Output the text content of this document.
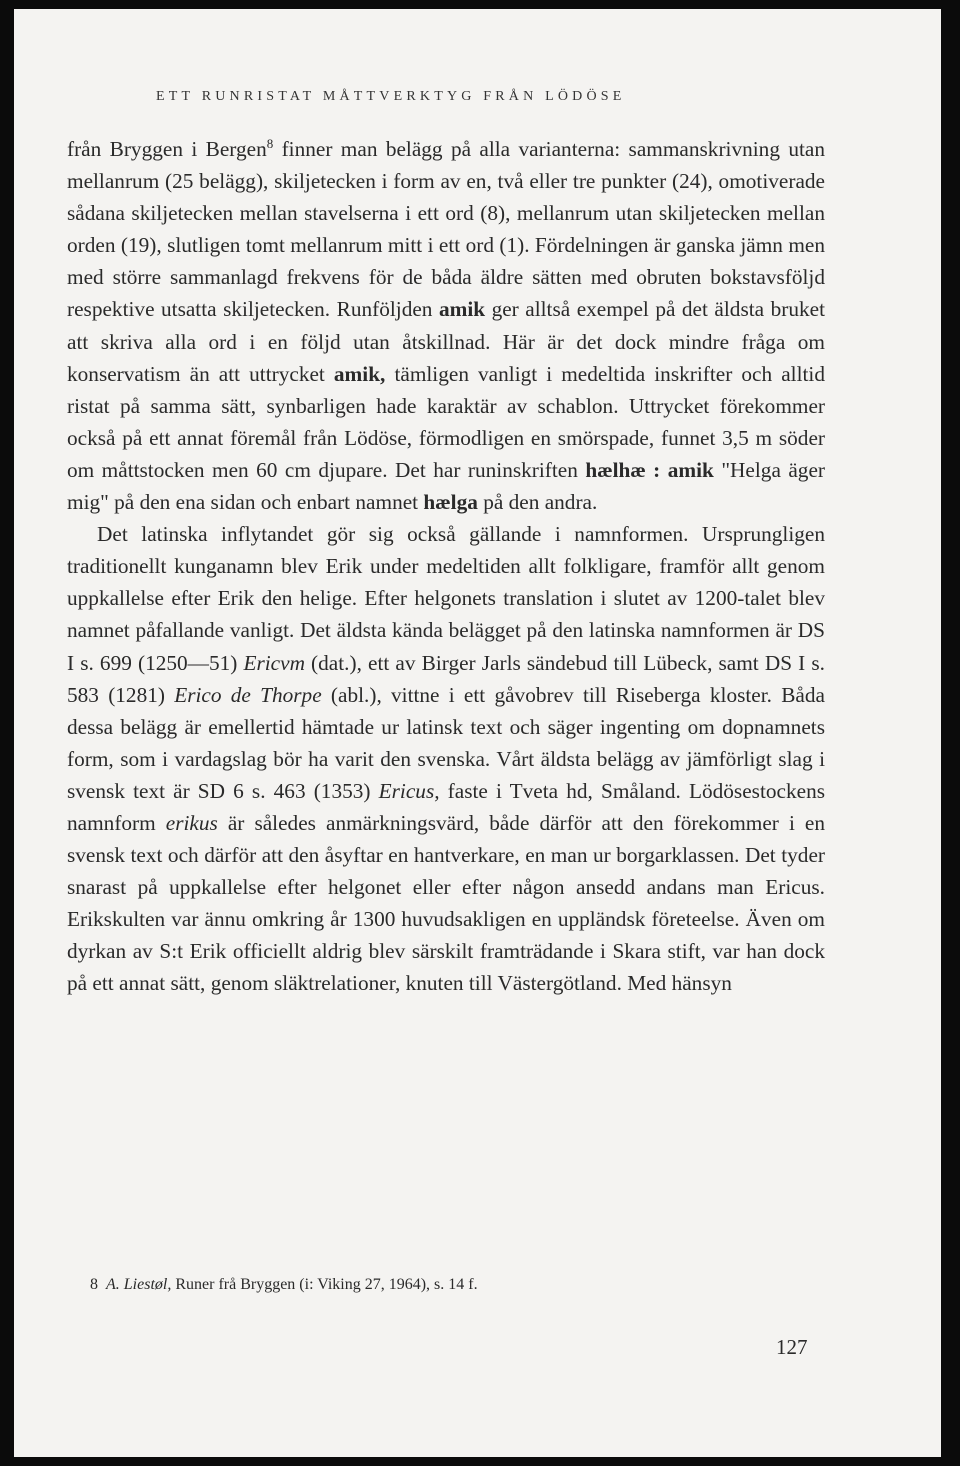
ETT RUNRISTAT MÅTTVERKTYG FRÅN LÖDÖSE

från Bryggen i Bergen$^8$ finner man belägg på alla varianterna: sammanskrivning utan mellanrum (25 belägg), skiljetecken i form av en, två eller tre punkter (24), omotiverade sådana skiljetecken mellan stavelserna i ett ord (8), mellanrum utan skiljetecken mellan orden (19), slutligen tomt mellanrum mitt i ett ord (1). Fördelningen är ganska jämn men med större sammanlagd frekvens för de båda äldre sätten med obruten bokstavsföljd respektive utsatta skiljetecken. Runföljden amik ger alltså exempel på det äldsta bruket att skriva alla ord i en följd utan åtskillnad. Här är det dock mindre fråga om konservatism än att uttrycket amik, tämligen vanligt i medeltida inskrifter och alltid ristat på samma sätt, synbarligen hade karaktär av schablon. Uttrycket förekommer också på ett annat föremål från Lödöse, förmodligen en smörspade, funnet 3,5 m söder om måttstocken men 60 cm djupare. Det har runinskriften hælhæ : amik "Helga äger mig" på den ena sidan och enbart namnet hælga på den andra.

Det latinska inflytandet gör sig också gällande i namnformen. Ursprungligen traditionellt kunganamn blev Erik under medeltiden allt folkligare, framför allt genom uppkallelse efter Erik den helige. Efter helgonets translation i slutet av 1200-talet blev namnet påfallande vanligt. Det äldsta kända belägget på den latinska namnformen är DS I s. 699 (1250—51) Ericvm (dat.), ett av Birger Jarls sändebud till Lübeck, samt DS I s. 583 (1281) Erico de Thorpe (abl.), vittne i ett gåvobrev till Riseberga kloster. Båda dessa belägg är emellertid hämtade ur latinsk text och säger ingenting om dopnamnets form, som i vardagslag bör ha varit den svenska. Vårt äldsta belägg av jämförligt slag i svensk text är SD 6 s. 463 (1353) Ericus, faste i Tveta hd, Småland. Lödösestockens namnform erikus är således anmärkningsvärd, både därför att den förekommer i en svensk text och därför att den åsyftar en hantverkare, en man ur borgarklassen. Det tyder snarast på uppkallelse efter helgonet eller efter någon ansedd andans man Ericus. Erikskulten var ännu omkring år 1300 huvudsakligen en uppländsk företeelse. Även om dyrkan av S:t Erik officiellt aldrig blev särskilt framträdande i Skara stift, var han dock på ett annat sätt, genom släktrelationer, knuten till Västergötland. Med hänsyn

8 A. Liestøl, Runer frå Bryggen (i: Viking 27, 1964), s. 14 f.
127
